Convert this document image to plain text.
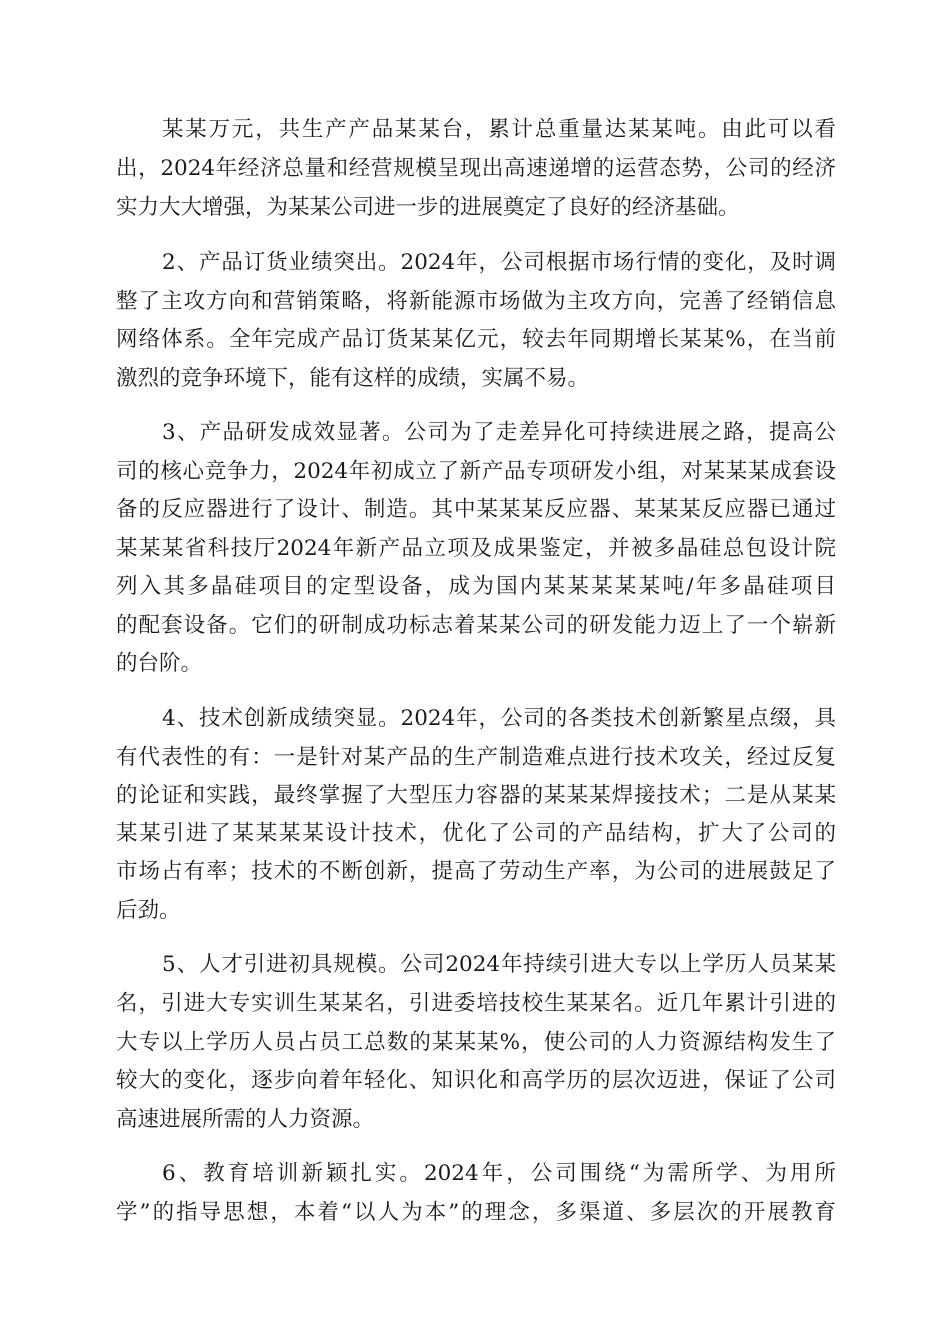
某某万元，共生产产品某某台，累计总重量达某某吨。由此可以看
出，2024年经济总量和经营规模呈现出高速递增的运营态势，公司的经济
实力大大增强，为某某公司进一步的进展奠定了良好的经济基础。
2、产品订货业绩突出。2024年，公司根据市场行情的变化，及时调
整了主攻方向和营销策略，将新能源市场做为主攻方向，完善了经销信息
网络体系。全年完成产品订货某某亿元，较去年同期增长某某%，在当前
激烈的竞争环境下，能有这样的成绩，实属不易。
3、产品研发成效显著。公司为了走差异化可持续进展之路，提高公
司的核心竞争力，2024年初成立了新产品专项研发小组，对某某某成套设
备的反应器进行了设计、制造。其中某某某反应器、某某某反应器已通过
某某某省科技厅2024年新产品立项及成果鉴定，并被多晶硅总包设计院
列入其多晶硅项目的定型设备，成为国内某某某某某吨/年多晶硅项目
的配套设备。它们的研制成功标志着某某公司的研发能力迈上了一个崭新
的台阶。
4、技术创新成绩突显。2024年，公司的各类技术创新繁星点缀，具
有代表性的有：一是针对某产品的生产制造难点进行技术攻关，经过反复
的论证和实践，最终掌握了大型压力容器的某某某焊接技术；二是从某某
某某引进了某某某某设计技术，优化了公司的产品结构，扩大了公司的
市场占有率；技术的不断创新，提高了劳动生产率，为公司的进展鼓足了
后劲。
5、人才引进初具规模。公司2024年持续引进大专以上学历人员某某
名，引进大专实训生某某名，引进委培技校生某某名。近几年累计引进的
大专以上学历人员占员工总数的某某某%，使公司的人力资源结构发生了
较大的变化，逐步向着年轻化、知识化和高学历的层次迈进，保证了公司
高速进展所需的人力资源。
6、教育培训新颖扎实。2024年，公司围绕“为需所学、为用所
学”的指导思想，本着“以人为本”的理念，多渠道、多层次的开展教育
